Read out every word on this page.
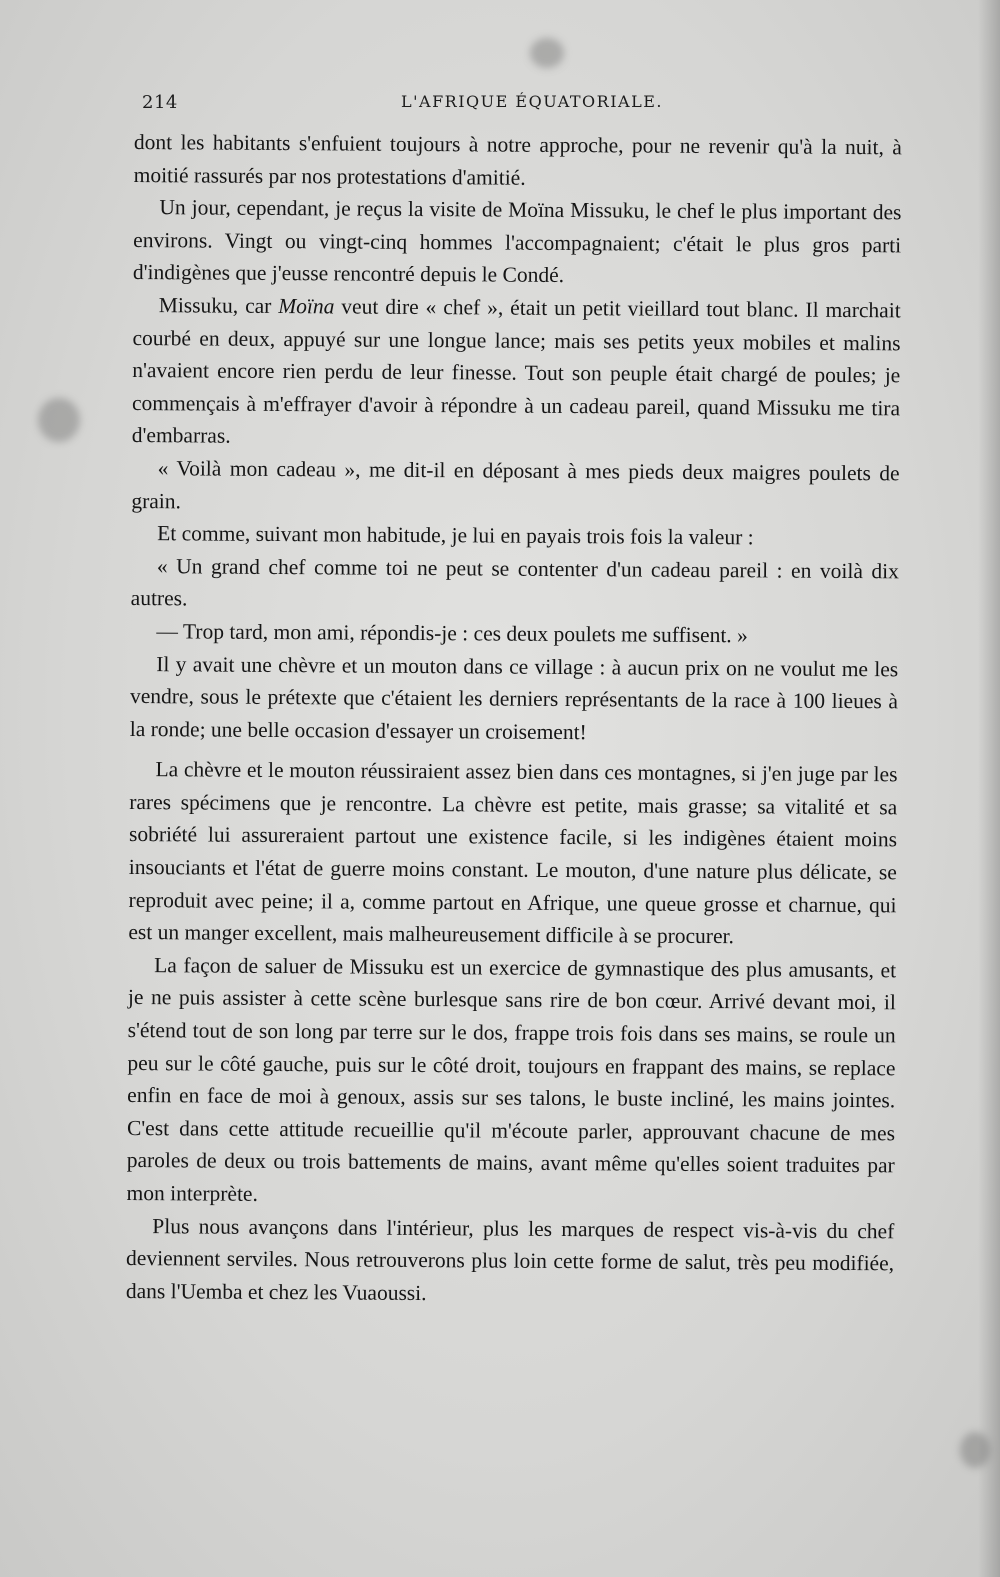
214	L'AFRIQUE ÉQUATORIALE.

dont les habitants s'enfuient toujours à notre approche, pour ne revenir qu'à la nuit, à moitié rassurés par nos protestations d'amitié.

Un jour, cependant, je reçus la visite de Moïna Missuku, le chef le plus important des environs. Vingt ou vingt-cinq hommes l'accompagnaient; c'était le plus gros parti d'indigènes que j'eusse rencontré depuis le Condé.

Missuku, car Moïna veut dire « chef », était un petit vieillard tout blanc. Il marchait courbé en deux, appuyé sur une longue lance; mais ses petits yeux mobiles et malins n'avaient encore rien perdu de leur finesse. Tout son peuple était chargé de poules; je commençais à m'effrayer d'avoir à répondre à un cadeau pareil, quand Missuku me tira d'embarras.

« Voilà mon cadeau », me dit-il en déposant à mes pieds deux maigres poulets de grain.

Et comme, suivant mon habitude, je lui en payais trois fois la valeur :

« Un grand chef comme toi ne peut se contenter d'un cadeau pareil : en voilà dix autres.

— Trop tard, mon ami, répondis-je : ces deux poulets me suffisent. »

Il y avait une chèvre et un mouton dans ce village : à aucun prix on ne voulut me les vendre, sous le prétexte que c'étaient les derniers représentants de la race à 100 lieues à la ronde; une belle occasion d'essayer un croisement!

La chèvre et le mouton réussiraient assez bien dans ces montagnes, si j'en juge par les rares spécimens que je rencontre. La chèvre est petite, mais grasse; sa vitalité et sa sobriété lui assureraient partout une existence facile, si les indigènes étaient moins insouciants et l'état de guerre moins constant. Le mouton, d'une nature plus délicate, se reproduit avec peine; il a, comme partout en Afrique, une queue grosse et charnue, qui est un manger excellent, mais malheureusement difficile à se procurer.

La façon de saluer de Missuku est un exercice de gymnastique des plus amusants, et je ne puis assister à cette scène burlesque sans rire de bon cœur. Arrivé devant moi, il s'étend tout de son long par terre sur le dos, frappe trois fois dans ses mains, se roule un peu sur le côté gauche, puis sur le côté droit, toujours en frappant des mains, se replace enfin en face de moi à genoux, assis sur ses talons, le buste incliné, les mains jointes. C'est dans cette attitude recueillie qu'il m'écoute parler, approuvant chacune de mes paroles de deux ou trois battements de mains, avant même qu'elles soient traduites par mon interprète.

Plus nous avançons dans l'intérieur, plus les marques de respect vis-à-vis du chef deviennent serviles. Nous retrouverons plus loin cette forme de salut, très peu modifiée, dans l'Uemba et chez les Vuaoussi.
